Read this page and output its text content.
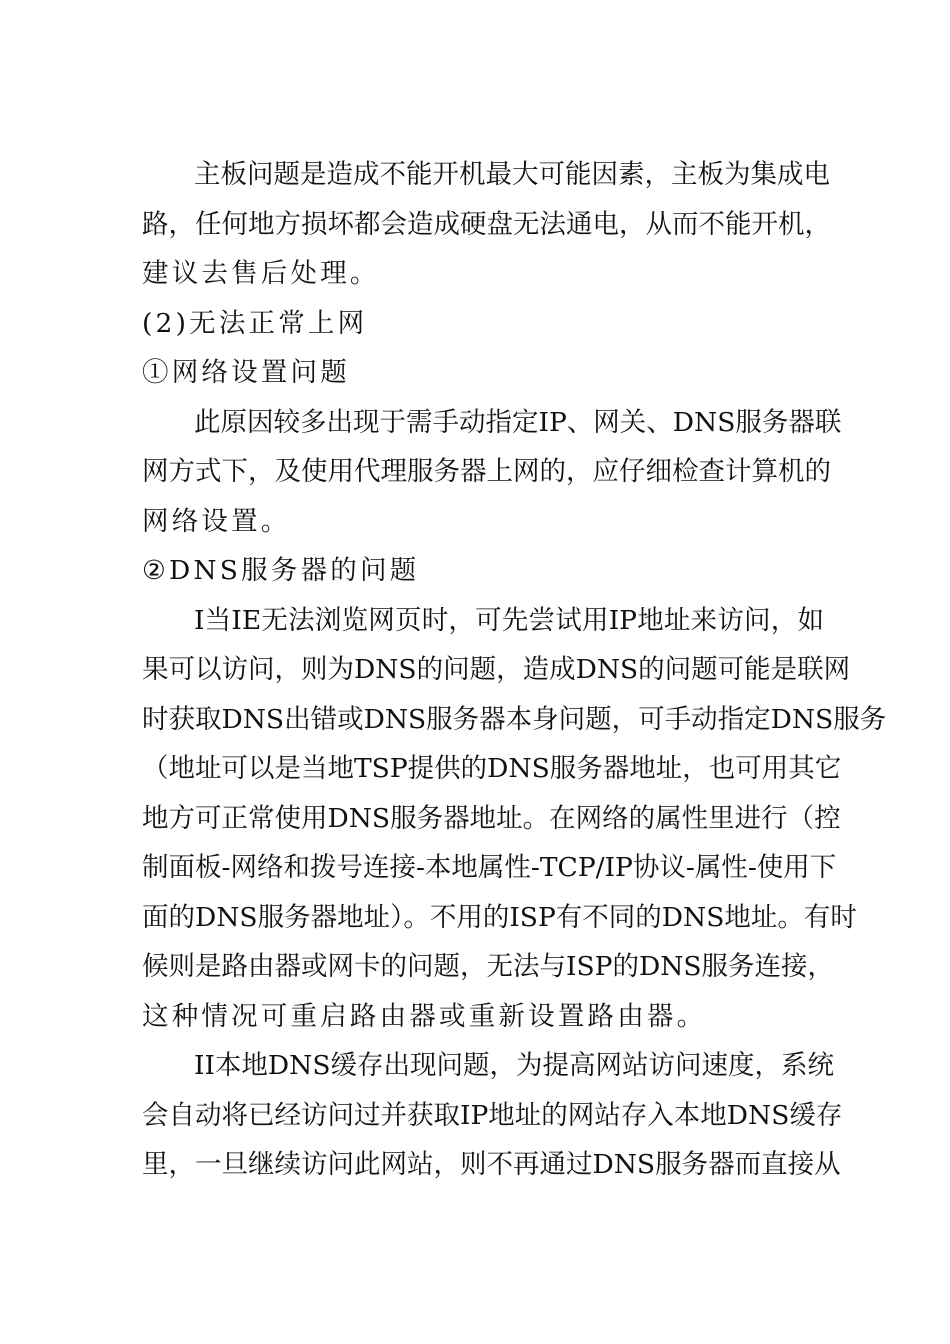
主板问题是造成不能开机最大可能因素，主板为集成电
路，任何地方损坏都会造成硬盘无法通电，从而不能开机，
建议去售后处理。
(2)无法正常上网
①网络设置问题
此原因较多出现于需手动指定IP、网关、DNS服务器联
网方式下，及使用代理服务器上网的，应仔细检查计算机的
网络设置。
②DNS服务器的问题
I当IE无法浏览网页时，可先尝试用IP地址来访问，如
果可以访问，则为DNS的问题，造成DNS的问题可能是联网
时获取DNS出错或DNS服务器本身问题，可手动指定DNS服务
（地址可以是当地TSP提供的DNS服务器地址，也可用其它
地方可正常使用DNS服务器地址。在网络的属性里进行（控
制面板-网络和拨号连接-本地属性-TCP/IP协议-属性-使用下
面的DNS服务器地址）。不用的ISP有不同的DNS地址。有时
候则是路由器或网卡的问题，无法与ISP的DNS服务连接，
这种情况可重启路由器或重新设置路由器。
II本地DNS缓存出现问题，为提高网站访问速度，系统
会自动将已经访问过并获取IP地址的网站存入本地DNS缓存
里，一旦继续访问此网站，则不再通过DNS服务器而直接从
